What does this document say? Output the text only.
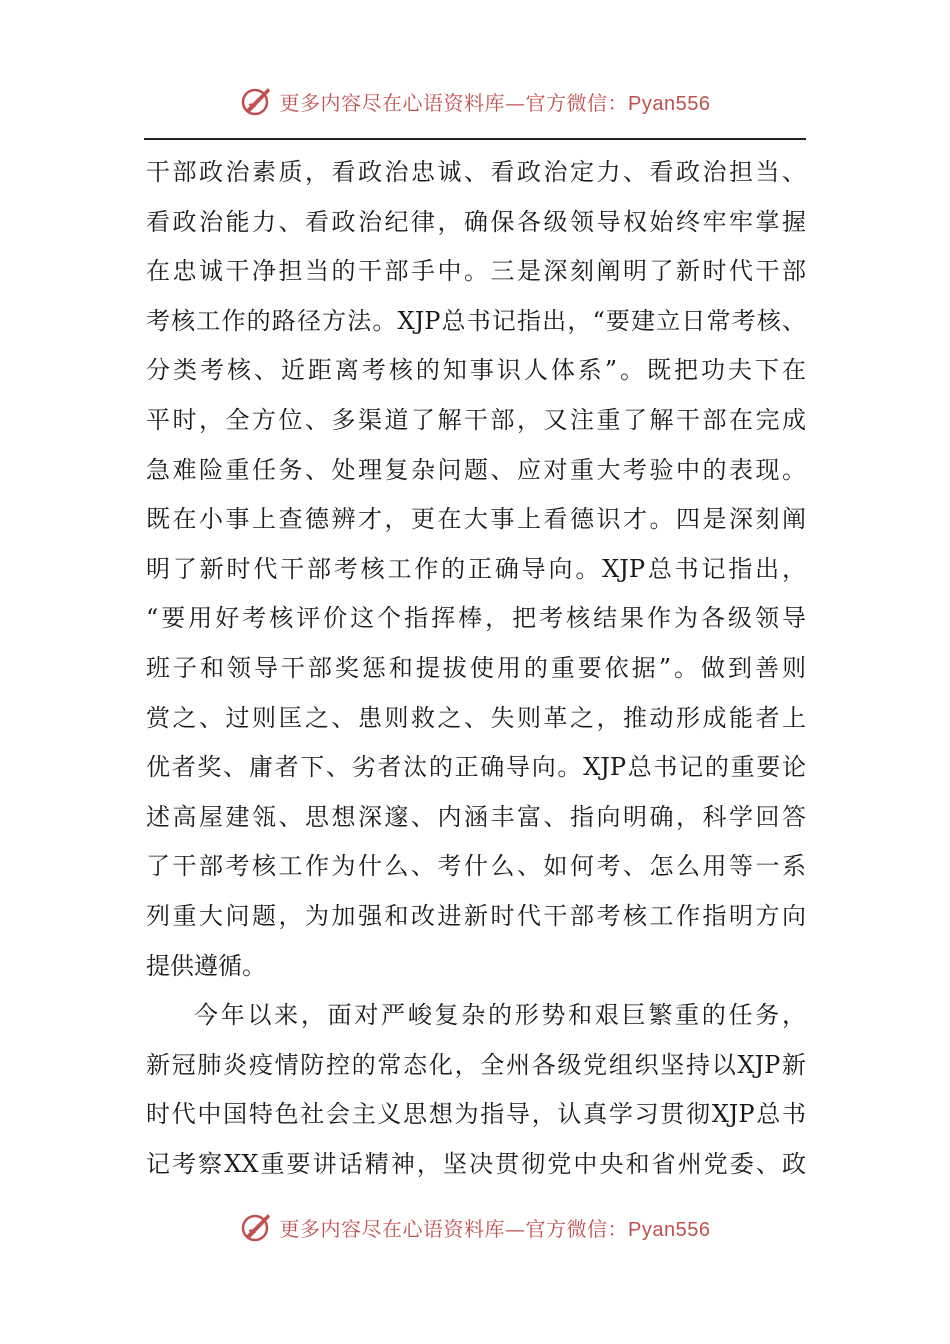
更多内容尽在心语资料库—官方微信：Pyan556
干部政治素质，看政治忠诚、看政治定力、看政治担当、
看政治能力、看政治纪律，确保各级领导权始终牢牢掌握
在忠诚干净担当的干部手中。三是深刻阐明了新时代干部
考核工作的路径方法。XJP总书记指出，“要建立日常考核、
分类考核、近距离考核的知事识人体系”。既把功夫下在
平时，全方位、多渠道了解干部，又注重了解干部在完成
急难险重任务、处理复杂问题、应对重大考验中的表现。
既在小事上查德辨才，更在大事上看德识才。四是深刻阐
明了新时代干部考核工作的正确导向。XJP总书记指出，
“要用好考核评价这个指挥棒，把考核结果作为各级领导
班子和领导干部奖惩和提拔使用的重要依据”。做到善则
赏之、过则匡之、患则救之、失则革之，推动形成能者上
优者奖、庸者下、劣者汰的正确导向。XJP总书记的重要论
述高屋建瓴、思想深邃、内涵丰富、指向明确，科学回答
了干部考核工作为什么、考什么、如何考、怎么用等一系
列重大问题，为加强和改进新时代干部考核工作指明方向
提供遵循。
今年以来，面对严峻复杂的形势和艰巨繁重的任务，
新冠肺炎疫情防控的常态化，全州各级党组织坚持以XJP新
时代中国特色社会主义思想为指导，认真学习贯彻XJP总书
记考察XX重要讲话精神，坚决贯彻党中央和省州党委、政
更多内容尽在心语资料库—官方微信：Pyan556
